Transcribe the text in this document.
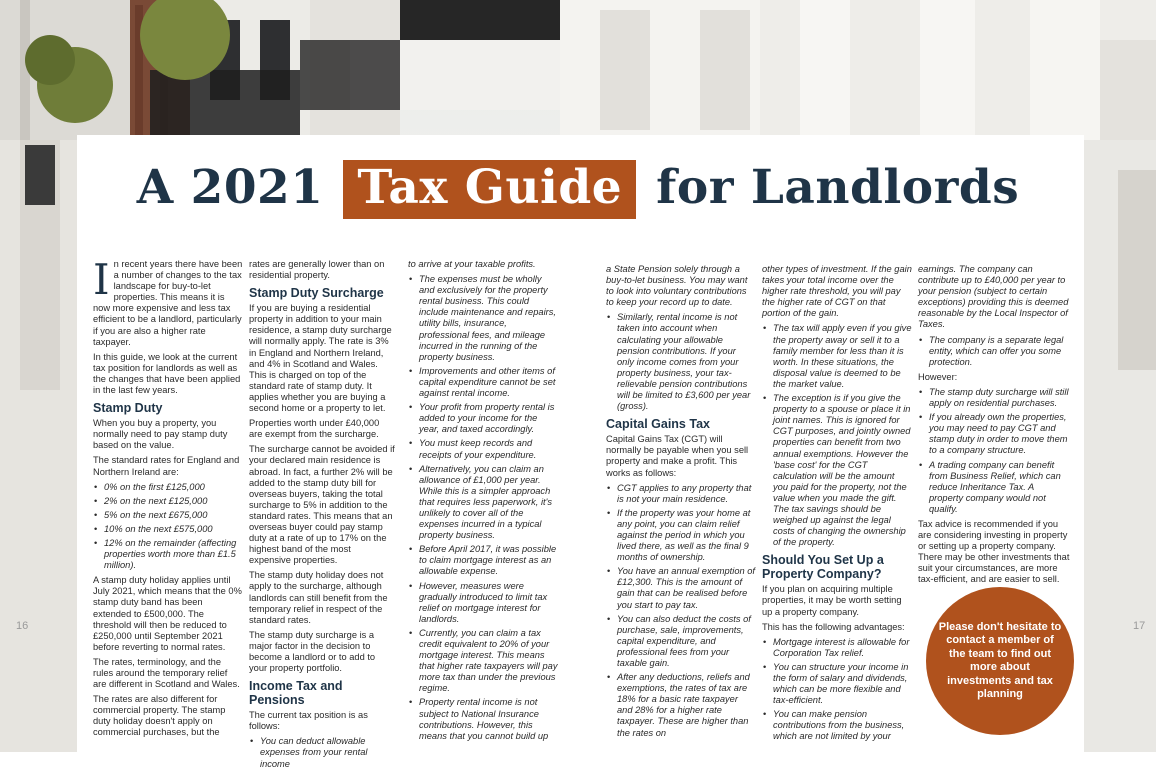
16	17
A 2021 Tax Guide for Landlords

In recent years there have been a number of changes to the tax landscape for buy-to-let properties. This means it is now more expensive and less tax efficient to be a landlord, particularly if you are also a higher rate taxpayer.

In this guide, we look at the current tax position for landlords as well as the changes that have been applied in the last few years.

Stamp Duty

When you buy a property, you normally need to pay stamp duty based on the value.

The standard rates for England and Northern Ireland are:

• 0% on the first £125,000
• 2% on the next £125,000
• 5% on the next £675,000
• 10% on the next £575,000
• 12% on the remainder (affecting properties worth more than £1.5 million).

A stamp duty holiday applies until July 2021, which means that the 0% stamp duty band has been extended to £500,000. The threshold will then be reduced to £250,000 until September 2021 before reverting to normal rates.

The rates, terminology, and the rules around the temporary relief are different in Scotland and Wales.

The rates are also different for commercial property. The stamp duty holiday doesn't apply on commercial purchases, but the

rates are generally lower than on residential property.

Stamp Duty Surcharge

If you are buying a residential property in addition to your main residence, a stamp duty surcharge will normally apply. The rate is 3% in England and Northern Ireland, and 4% in Scotland and Wales. This is charged on top of the standard rate of stamp duty. It applies whether you are buying a second home or a property to let.

Properties worth under £40,000 are exempt from the surcharge.

The surcharge cannot be avoided if your declared main residence is abroad. In fact, a further 2% will be added to the stamp duty bill for overseas buyers, taking the total surcharge to 5% in addition to the standard rates. This means that an overseas buyer could pay stamp duty at a rate of up to 17% on the highest band of the most expensive properties.

The stamp duty holiday does not apply to the surcharge, although landlords can still benefit from the temporary relief in respect of the standard rates.

The stamp duty surcharge is a major factor in the decision to become a landlord or to add to your property portfolio.

Income Tax and Pensions

The current tax position is as follows:

• You can deduct allowable expenses from your rental income

to arrive at your taxable profits.

• The expenses must be wholly and exclusively for the property rental business. This could include maintenance and repairs, utility bills, insurance, professional fees, and mileage incurred in the running of the property business.
• Improvements and other items of capital expenditure cannot be set against rental income.
• Your profit from property rental is added to your income for the year, and taxed accordingly.
• You must keep records and receipts of your expenditure.
• Alternatively, you can claim an allowance of £1,000 per year. While this is a simpler approach that requires less paperwork, it's unlikely to cover all of the expenses incurred in a typical property business.
• Before April 2017, it was possible to claim mortgage interest as an allowable expense.
• However, measures were gradually introduced to limit tax relief on mortgage interest for landlords.
• Currently, you can claim a tax credit equivalent to 20% of your mortgage interest. This means that higher rate taxpayers will pay more tax than under the previous regime.
• Property rental income is not subject to National Insurance contributions. However, this means that you cannot build up

a State Pension solely through a buy-to-let business. You may want to look into voluntary contributions to keep your record up to date.

• Similarly, rental income is not taken into account when calculating your allowable pension contributions. If your only income comes from your property business, your tax-relievable pension contributions will be limited to £3,600 per year (gross).
Capital Gains Tax

Capital Gains Tax (CGT) will normally be payable when you sell property and make a profit. This works as follows:

• CGT applies to any property that is not your main residence.
• If the property was your home at any point, you can claim relief against the period in which you lived there, as well as the final 9 months of ownership.
• You have an annual exemption of £12,300. This is the amount of gain that can be realised before you start to pay tax.
• You can also deduct the costs of purchase, sale, improvements, capital expenditure, and professional fees from your taxable gain.
• After any deductions, reliefs and exemptions, the rates of tax are 18% for a basic rate taxpayer and 28% for a higher rate taxpayer. These are higher than the rates on

other types of investment. If the gain takes your total income over the higher rate threshold, you will pay the higher rate of CGT on that portion of the gain.

• The tax will apply even if you give the property away or sell it to a family member for less than it is worth. In these situations, the disposal value is deemed to be the market value.
• The exception is if you give the property to a spouse or place it in joint names. This is ignored for CGT purposes, and jointly owned properties can benefit from two annual exemptions. However the 'base cost' for the CGT calculation will be the amount you paid for the property, not the value when you made the gift. The tax savings should be weighed up against the legal costs of changing the ownership of the property.
Should You Set Up a Property Company?

If you plan on acquiring multiple properties, it may be worth setting up a property company.

This has the following advantages:

• Mortgage interest is allowable for Corporation Tax relief.
• You can structure your income in the form of salary and dividends, which can be more flexible and tax-efficient.
• You can make pension contributions from the business, which are not limited by your

earnings. The company can contribute up to £40,000 per year to your pension (subject to certain exceptions) providing this is deemed reasonable by the Local Inspector of Taxes.

• The company is a separate legal entity, which can offer you some protection.

However:

• The stamp duty surcharge will still apply on residential purchases.
• If you already own the properties, you may need to pay CGT and stamp duty in order to move them to a company structure.
• A trading company can benefit from Business Relief, which can reduce Inheritance Tax. A property company would not qualify.

Tax advice is recommended if you are considering investing in property or setting up a property company. There may be other investments that suit your circumstances, are more tax-efficient, and are easier to sell.

Please don't hesitate to contact a member of the team to find out more about investments and tax planning
